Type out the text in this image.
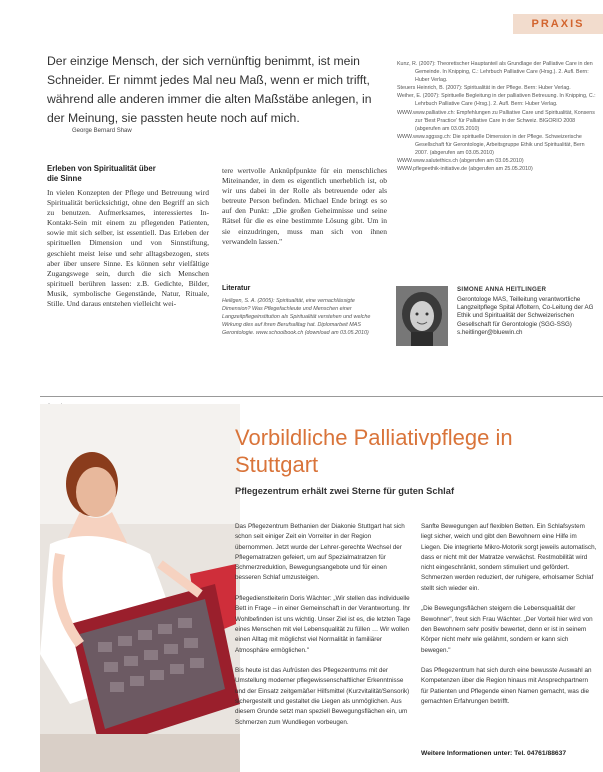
PRAXIS
Der einzige Mensch, der sich vernünftig benimmt, ist mein Schneider. Er nimmt jedes Mal neu Maß, wenn er mich trifft, während alle anderen immer die alten Maßstäbe anlegen, in der Meinung, sie passten heute noch auf mich.
George Bernard Shaw
Kunz, R. (2007): Theoretischer Hauptanteil als Grundlage der Palliative Care in den Gemeinde. In Knipping, C.: Lehrbuch Palliative Care (Hrsg.). 2. Aufl. Bern: Huber Verlag.
Steuers Heinrich, B. (2007): Spiritualität in der Pflege. Bern: Huber Verlag.
Weiher, E. (2007): Spirituelle Begleitung in der palliativen Betreuung. In Knipping, C.: Lehrbuch Palliative Care (Hrsg.). 2. Aufl. Bern: Huber Verlag.
WWW.www.palliative.ch: Empfehlungen zu Palliative Care und Spiritualität, Konsens zur 'Best Practice' für Palliative Care in der Schweiz. BIGORIO 2008 (abgerufen am 03.05.2010)
WWW.www.sggssg.ch: Die spirituelle Dimension in der Pflege. Schweizerische Gesellschaft für Gerontologie, Arbeitsgruppe Ethik und Spiritualität, Bern 2007. (abgerufen am 03.05.2010)
WWW.www.salutethics.ch (abgerufen am 03.05.2010)
WWW.pflegeethik-initiative.de (abgerufen am 25.05.2010)
Erleben von Spiritualität über die Sinne
In vielen Konzepten der Pflege und Betreuung wird Spiritualität berücksichtigt, ohne den Begriff an sich zu benutzen. Aufmerksames, interessiertes In-Kontakt-Sein mit einem zu pflegenden Patienten, sowie mit sich selber, ist essentiell. Das Erleben der spirituellen Dimension und von Sinnstiftung, geschieht meist leise und sehr alltagsbezogen, stets aber über unsere Sinne. Es können sehr vielfältige Zugangswege sein, durch die sich Menschen spirituell berühren lassen: z.B. Gedichte, Bilder, Musik, symbolische Gegenstände, Natur, Rituale, Stille. Und daraus entstehen vielleicht wei-
tere wertvolle Anknüpfpunkte für ein menschliches Miteinander, in dem es eigentlich unerheblich ist, ob wir uns dabei in der Rolle als betreuende oder als betreute Person befinden. Michael Ende bringt es so auf den Punkt: „Die großen Geheimnisse und seine Rätsel für die es eine bestimmte Lösung gibt. Um in sie einzudringen, muss man sich von ihnen verwandeln lassen."
Literatur
Heiligen, S. A. (2005): Spiritualität, eine vernachlässigte Dimension? Was Pflegefachleute und Menschen einer Langzeitpflegeinstitution als Spiritualität verstehen und welche Wirkung dies auf ihren Berufsalltag hat. Diplomarbeit MAS Gerontologie. www.schoolbook.ch (download am 03.05.2010)
SIMONE ANNA HEITLINGER
Gerontologe MAS, Teilleitung verantwortliche Langzeitpflege Spital Affoltern, Co-Leitung der AG Ethik und Spiritualität der Schweizerischen Gesellschaft für Gerontologie (SGG-SSG) s.heitlinger@bluewin.ch
Vorbildliche Palliativpflege in Stuttgart
Pflegezentrum erhält zwei Sterne für guten Schlaf
Das Pflegezentrum Bethanien der Diakonie Stuttgart hat sich schon seit einiger Zeit ein Vorreiter in der Region übernommen. Jetzt wurde der Lehrer-gerechte Wechsel der Pflegematratzen gefeiert, um auf Spezialmatratzen für Schmerzreduktion, Bewegungsangebote und für einen besseren Schlaf umzusteigen.

Pflegedienstleiterin Doris Wächter: „Wir stellen das individuelle Bett in Frage – in einer Gemeinschaft in der Verantwortung. Ihr Wohlbefinden ist uns wichtig. Unser Ziel ist es, die letzten Tage eines Menschen mit viel Lebensqualität zu füllen … Wir wollen einen Alltag mit möglichst viel Normalität in familiärer Atmosphäre ermöglichen."

Bis heute ist das Aufrüsten des Pflegezentrums mit der Umstellung moderner pflegewissenschaftlicher Erkenntnisse und der Einsatz zeitgemäßer Hilfsmittel (Kurzvitalität/Sensorik) sichergestellt und gestaltet die Liegen als unmöglichen. Aus diesem Grunde setzt man speziell Bewegungsflächen ein, um Schmerzen zum Wundliegen vorbeugen.
Sanfte Bewegungen auf flexiblen Betten. Ein Schlafsystem liegt sicher, weich und gibt den Bewohnern eine Hilfe im Liegen. Die integrierte Mikro-Motorik sorgt jeweils automatisch, dass er nicht mit der Matratze verwächst. Restmobilität wird nicht eingeschränkt, sondern stimuliert und gefördert. Schmerzen werden reduziert, der ruhigere, erholsamer Schlaf stellt sich wieder ein.

„Die Bewegungsflächen steigern die Lebensqualität der Bewohner", freut sich Frau Wächter. „Der Vorteil hier wird von den Bewohnern sehr positiv bewertet, denn er ist in seinem Körper nicht mehr wie gelähmt, sondern er kann sich bewegen."

Das Pflegezentrum hat sich durch eine bewusste Auswahl an Kompetenzen über die Region hinaus mit Ansprechpartnern für Patienten und Pflegende einen Namen gemacht, was die gemachten Erfahrungen betrifft.
Weitere Informationen unter: Tel. 04761/88637
